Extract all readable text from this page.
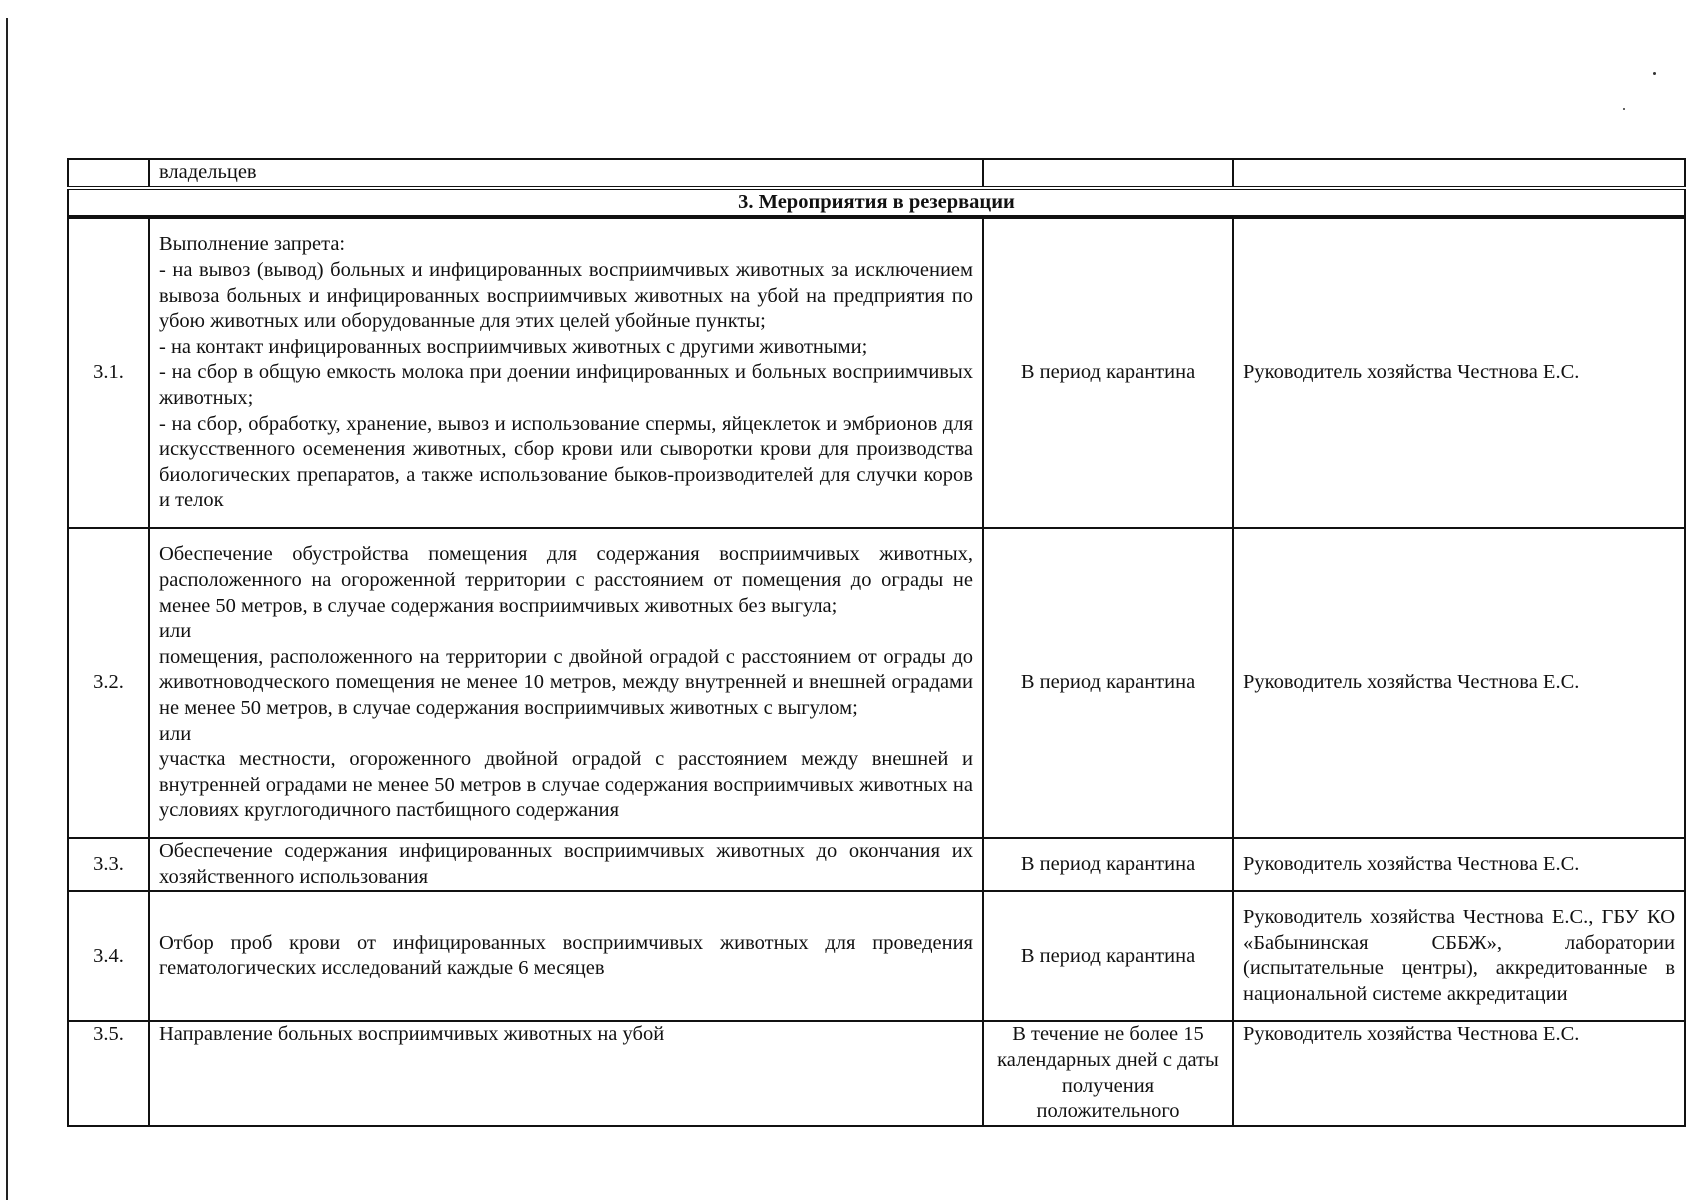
	владельцев		
3. Мероприятия в резервации			
3.1.	Выполнение запрета:
- на вывоз (вывод) больных и инфицированных восприимчивых животных за исключением вывоза больных и инфицированных восприимчивых животных на убой на предприятия по убою животных или оборудованные для этих целей убойные пункты;
- на контакт инфицированных восприимчивых животных с другими животными;
- на сбор в общую емкость молока при доении инфицированных и больных восприимчивых животных;
- на сбор, обработку, хранение, вывоз и использование спермы, яйцеклеток и эмбрионов для искусственного осеменения животных, сбор крови или сыворотки крови для производства биологических препаратов, а также использование быков-производителей для случки коров и телок	В период карантина	Руководитель хозяйства Честнова Е.С.
3.2.	Обеспечение обустройства помещения для содержания восприимчивых животных, расположенного на огороженной территории с расстоянием от помещения до ограды не менее 50 метров, в случае содержания восприимчивых животных без выгула;
или
помещения, расположенного на территории с двойной оградой с расстоянием от ограды до животноводческого помещения не менее 10 метров, между внутренней и внешней оградами не менее 50 метров, в случае содержания восприимчивых животных с выгулом;
или
участка местности, огороженного двойной оградой с расстоянием между внешней и внутренней оградами не менее 50 метров в случае содержания восприимчивых животных на условиях круглогодичного пастбищного содержания	В период карантина	Руководитель хозяйства Честнова Е.С.
3.3.	Обеспечение содержания инфицированных восприимчивых животных до окончания их хозяйственного использования	В период карантина	Руководитель хозяйства Честнова Е.С.
3.4.	Отбор проб крови от инфицированных восприимчивых животных для проведения гематологических исследований каждые 6 месяцев	В период карантина	Руководитель хозяйства Честнова Е.С., ГБУ КО «Бабынинская СББЖ», лаборатории (испытательные центры), аккредитованные в национальной системе аккредитации
3.5.	Направление больных восприимчивых животных на убой	В течение не более 15 календарных дней с даты получения положительного	Руководитель хозяйства Честнова Е.С.
